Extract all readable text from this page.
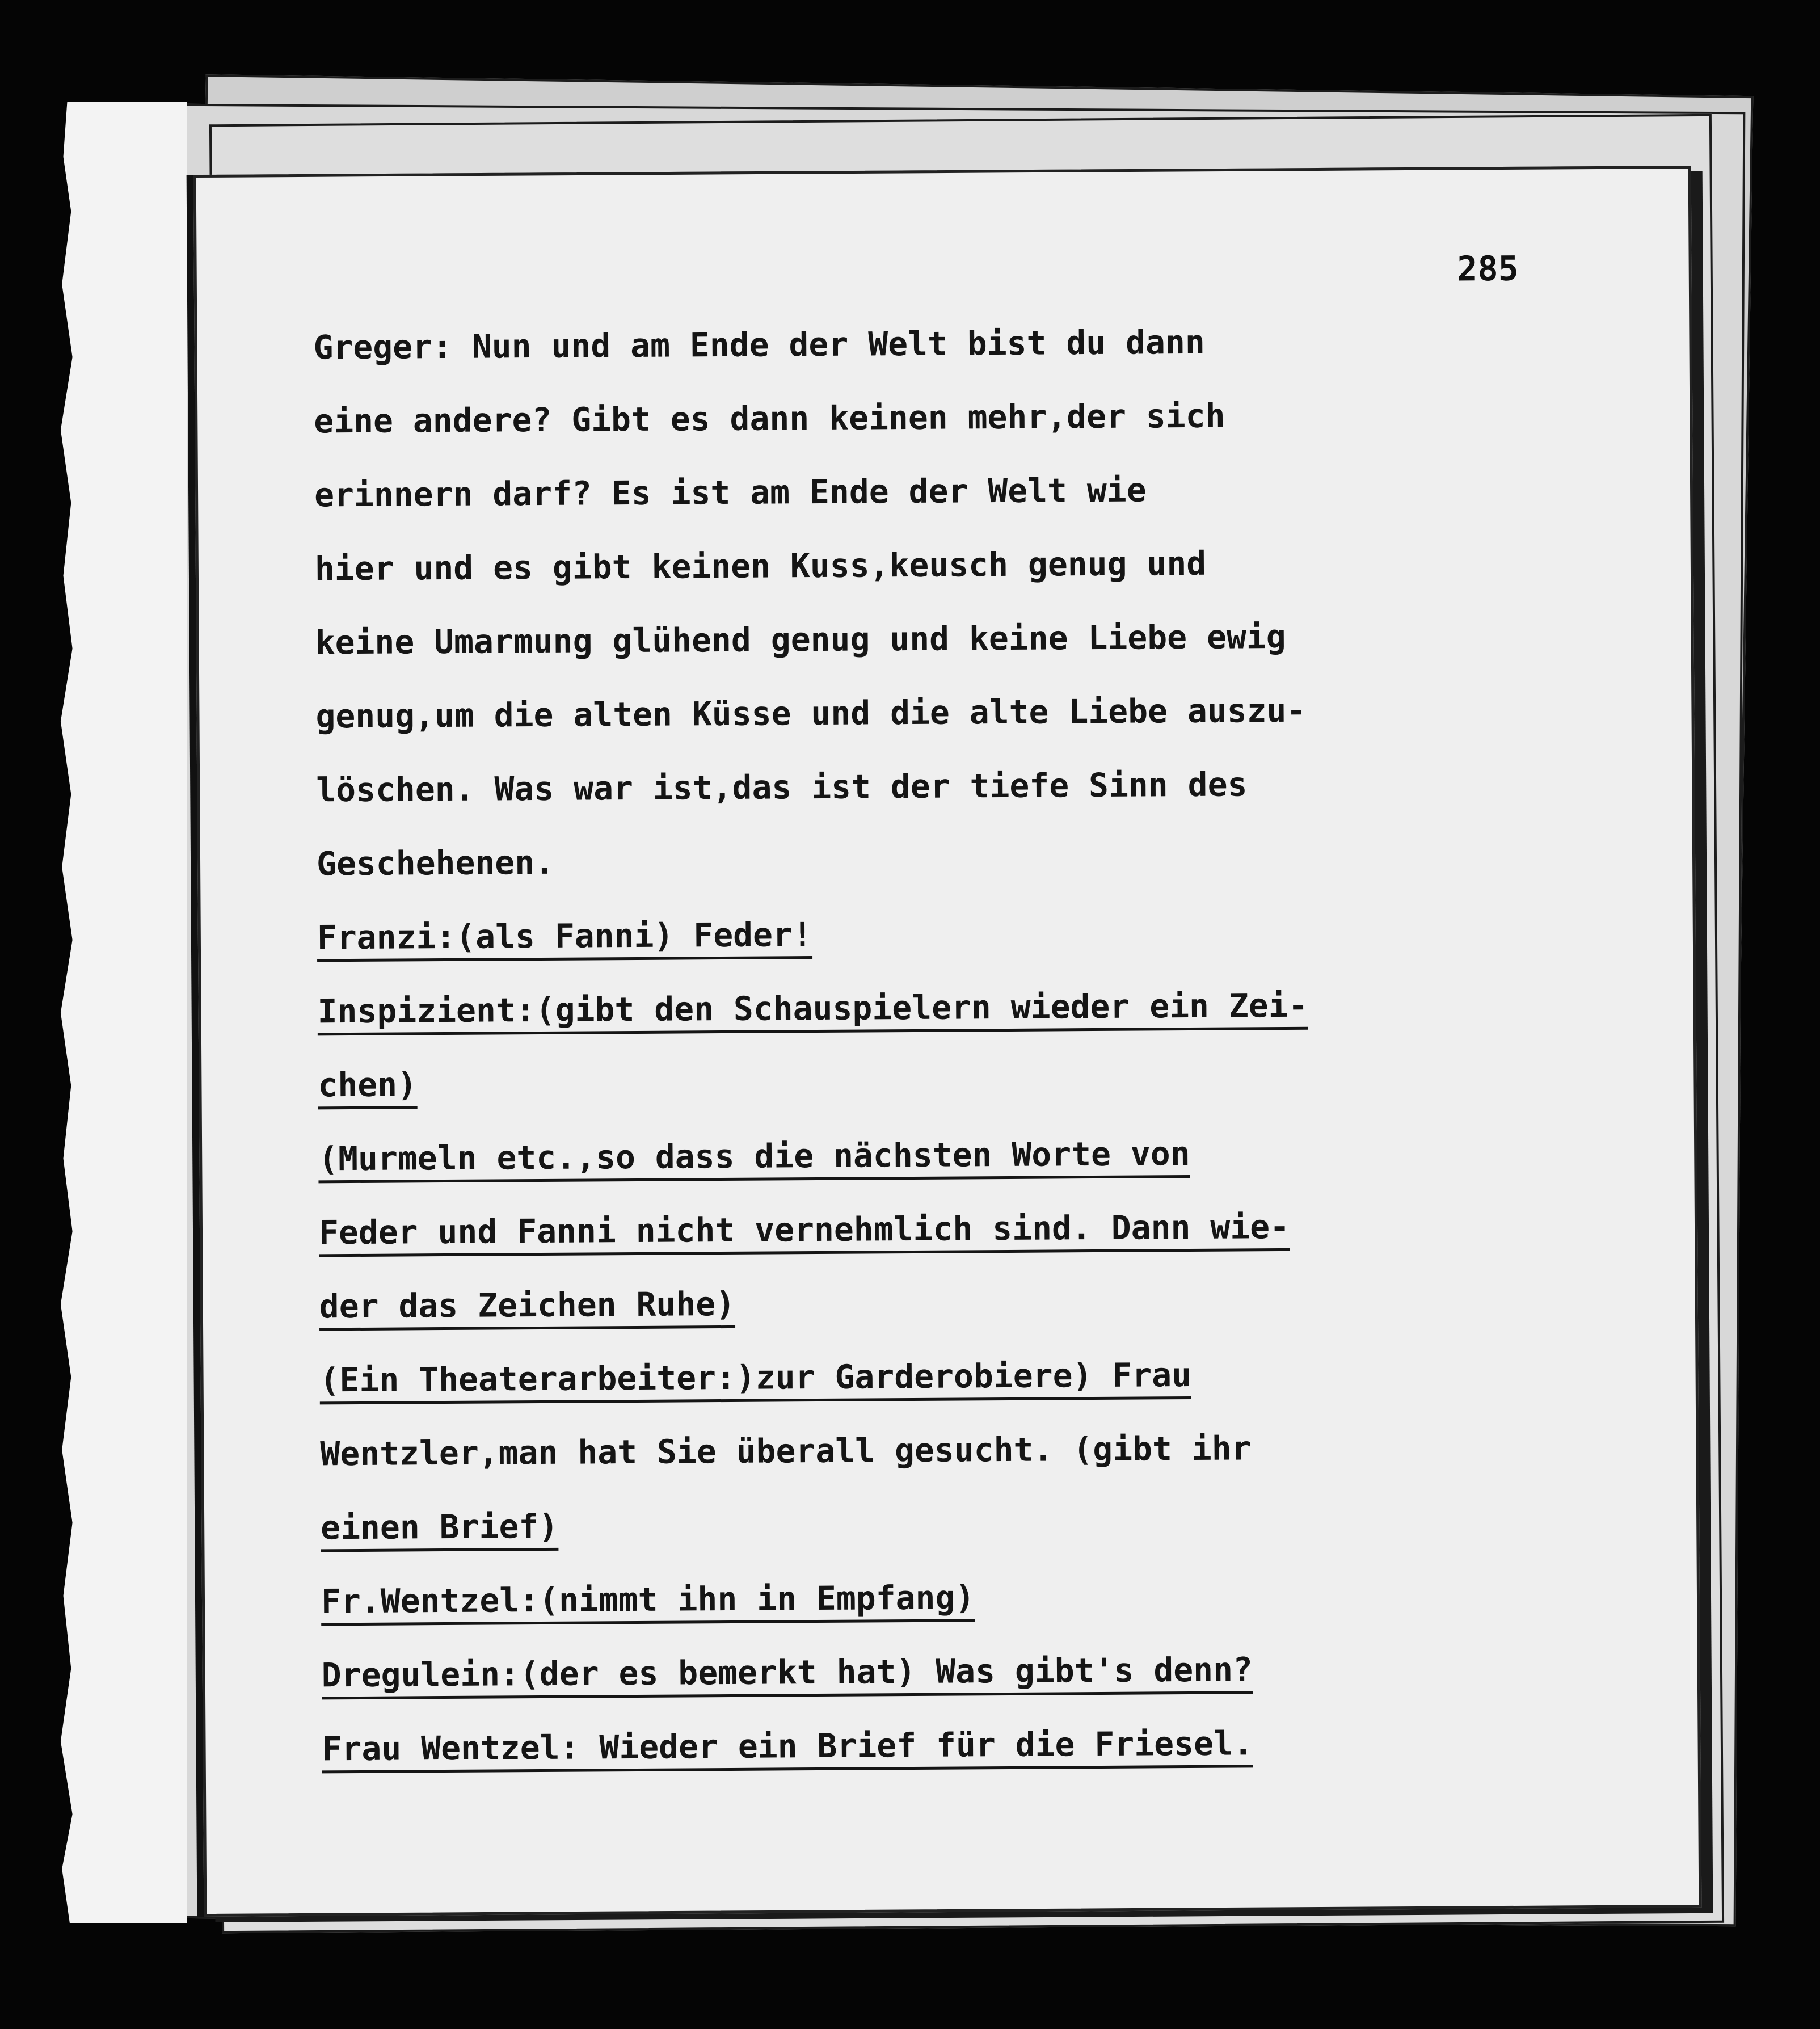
285
Greger: Nun und am Ende der Welt bist du dann
eine andere? Gibt es dann keinen mehr,der sich
erinnern darf? Es ist am Ende der Welt wie
hier und es gibt keinen Kuss,keusch genug und
keine Umarmung glühend genug und keine Liebe ewig
genug,um die alten Küsse und die alte Liebe auszu-
löschen. Was war ist,das ist der tiefe Sinn des
Geschehenen.
Franzi:(als Fanni) Feder!
Inspizient:(gibt den Schauspielern wieder ein Zei-
chen)
(Murmeln etc.,so dass die nächsten Worte von
Feder und Fanni nicht vernehmlich sind. Dann wie-
der das Zeichen Ruhe)
(Ein Theaterarbeiter:)zur Garderobiere) Frau
Wentzler,man hat Sie überall gesucht. (gibt ihr
einen Brief)
Fr.Wentzel:(nimmt ihn in Empfang)
Dregulein:(der es bemerkt hat) Was gibt's denn?
Frau Wentzel: Wieder ein Brief für die Friesel.
